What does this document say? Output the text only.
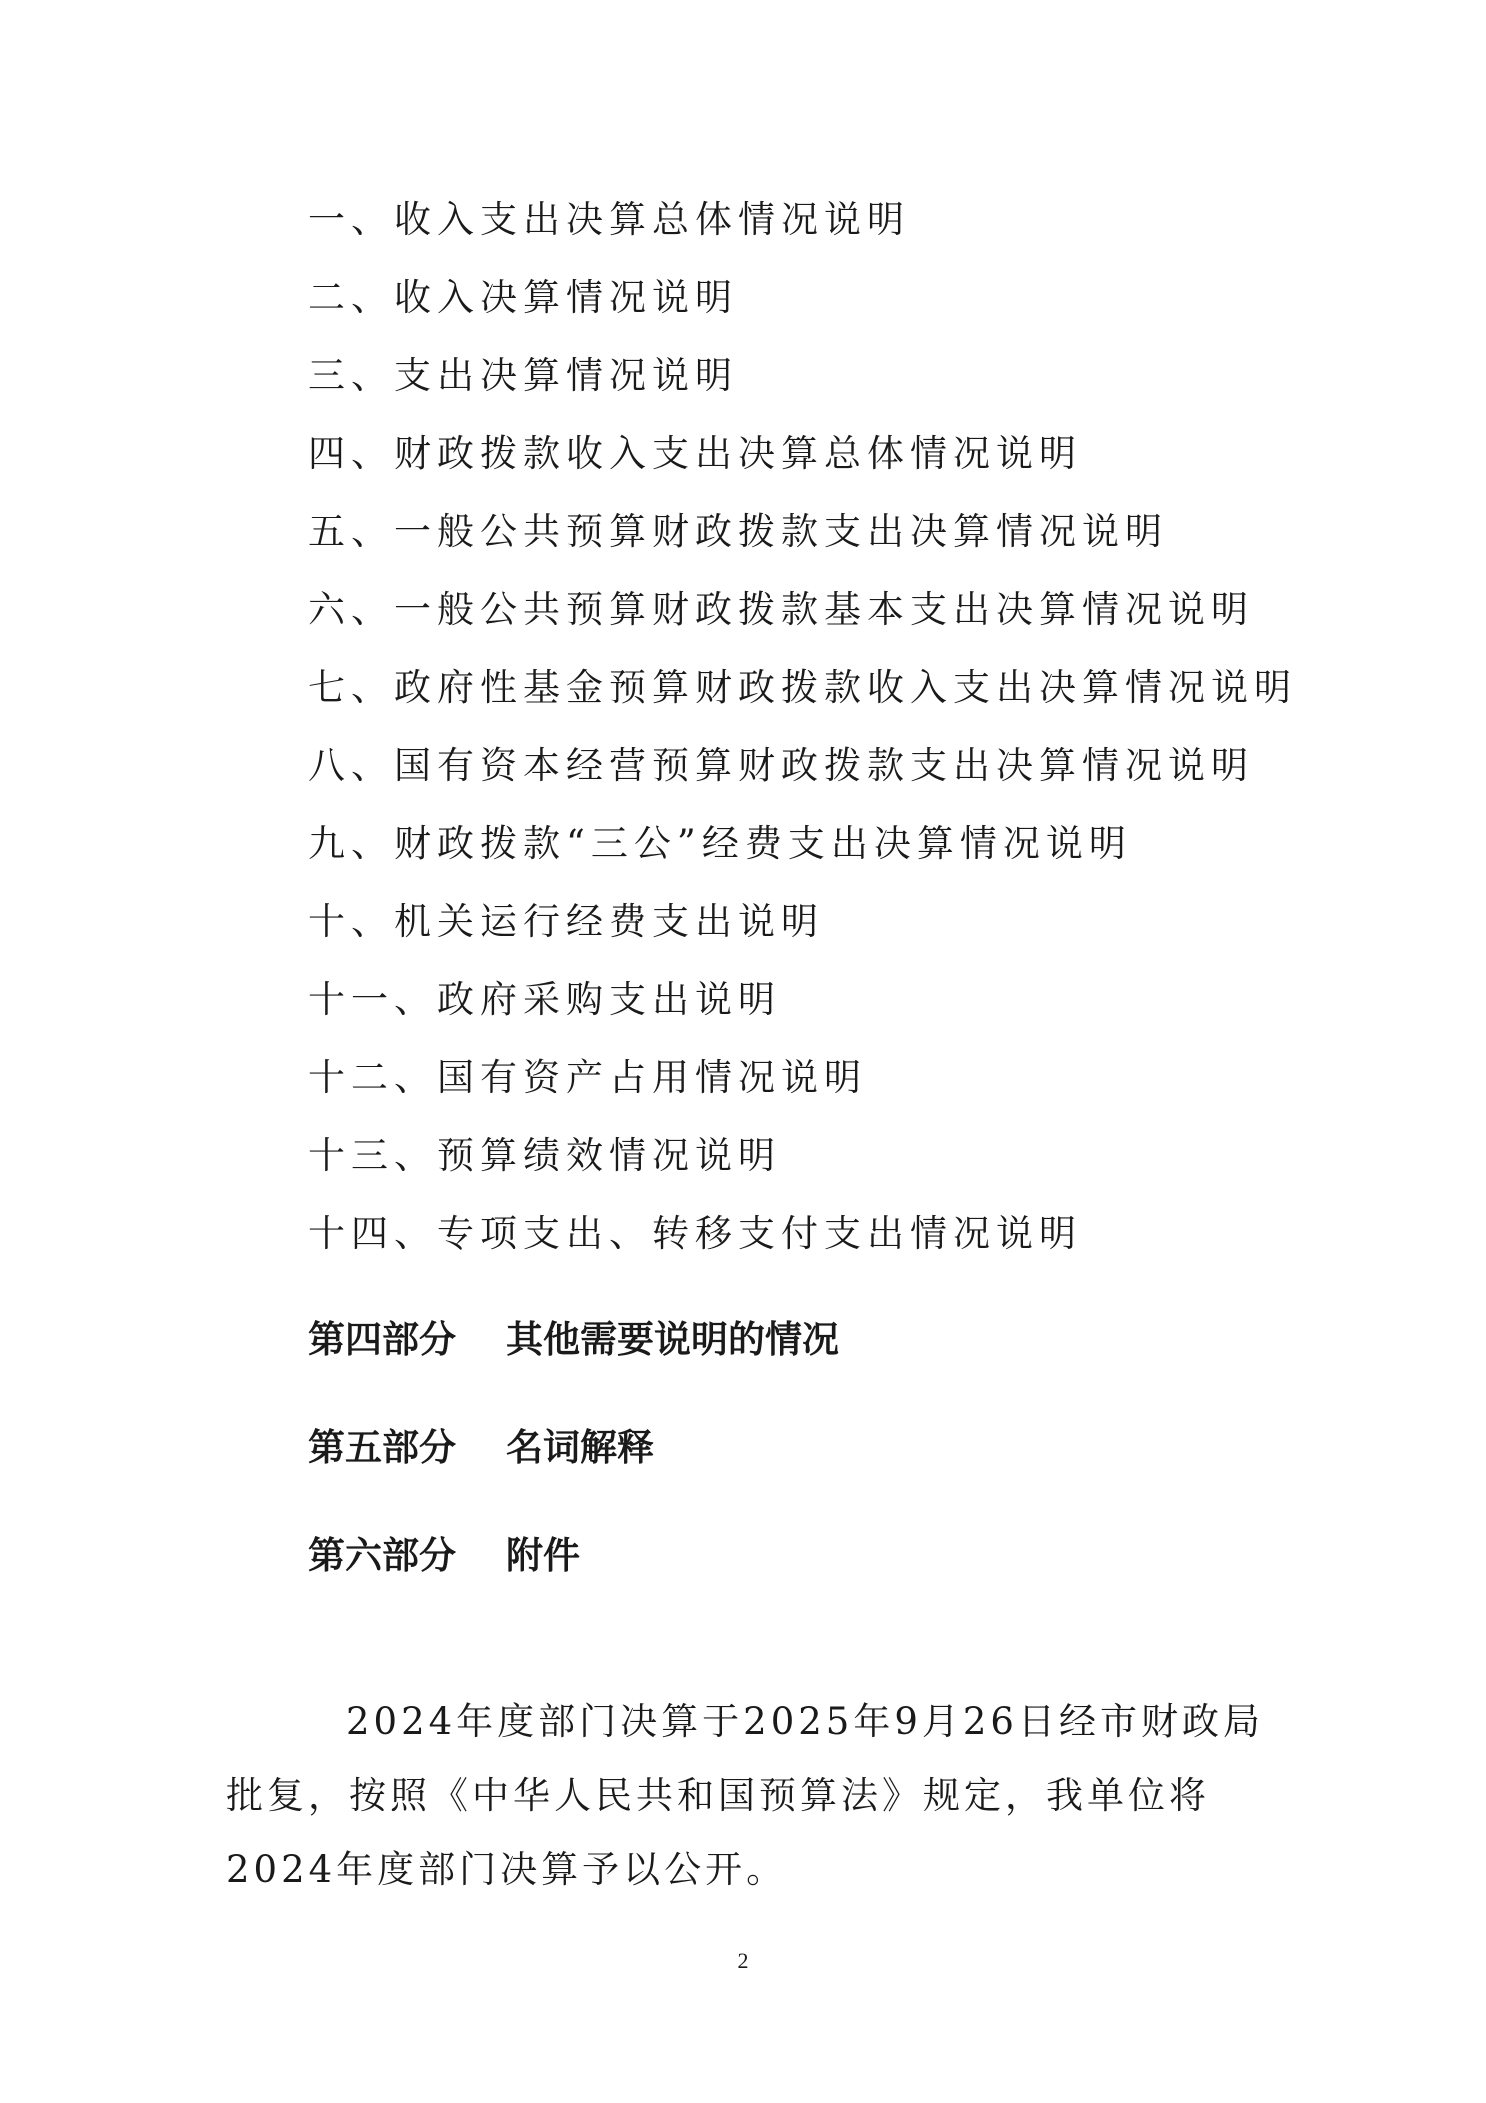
一、收入支出决算总体情况说明
二、收入决算情况说明
三、支出决算情况说明
四、财政拨款收入支出决算总体情况说明
五、一般公共预算财政拨款支出决算情况说明
六、一般公共预算财政拨款基本支出决算情况说明
七、政府性基金预算财政拨款收入支出决算情况说明
八、国有资本经营预算财政拨款支出决算情况说明
九、财政拨款“三公”经费支出决算情况说明
十、机关运行经费支出说明
十一、政府采购支出说明
十二、国有资产占用情况说明
十三、预算绩效情况说明
十四、专项支出、转移支付支出情况说明
第四部分 其他需要说明的情况
第五部分 名词解释
第六部分 附件

2024年度部门决算于2025年9月26日经市财政局批复，按照《中华人民共和国预算法》规定，我单位将2024年度部门决算予以公开。

2
